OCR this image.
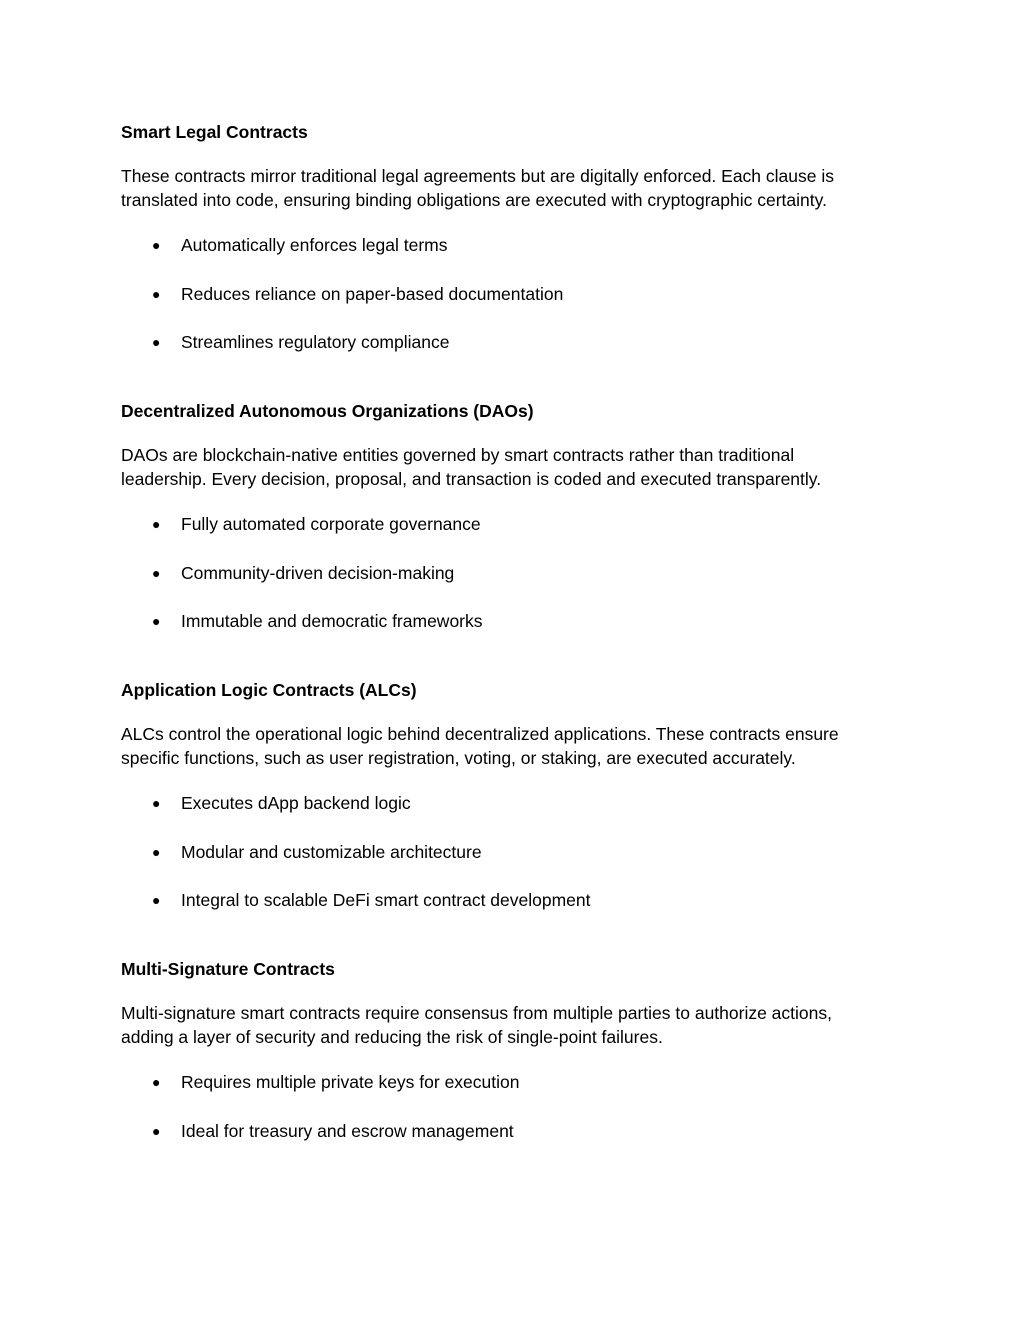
Smart Legal Contracts
These contracts mirror traditional legal agreements but are digitally enforced. Each clause is
translated into code, ensuring binding obligations are executed with cryptographic certainty.
● Automatically enforces legal terms
● Reduces reliance on paper-based documentation
● Streamlines regulatory compliance
Decentralized Autonomous Organizations (DAOs)
DAOs are blockchain-native entities governed by smart contracts rather than traditional
leadership. Every decision, proposal, and transaction is coded and executed transparently.
● Fully automated corporate governance
● Community-driven decision-making
● Immutable and democratic frameworks
Application Logic Contracts (ALCs)
ALCs control the operational logic behind decentralized applications. These contracts ensure
specific functions, such as user registration, voting, or staking, are executed accurately.
● Executes dApp backend logic
● Modular and customizable architecture
● Integral to scalable DeFi smart contract development
Multi-Signature Contracts
Multi-signature smart contracts require consensus from multiple parties to authorize actions,
adding a layer of security and reducing the risk of single-point failures.
● Requires multiple private keys for execution
● Ideal for treasury and escrow management
